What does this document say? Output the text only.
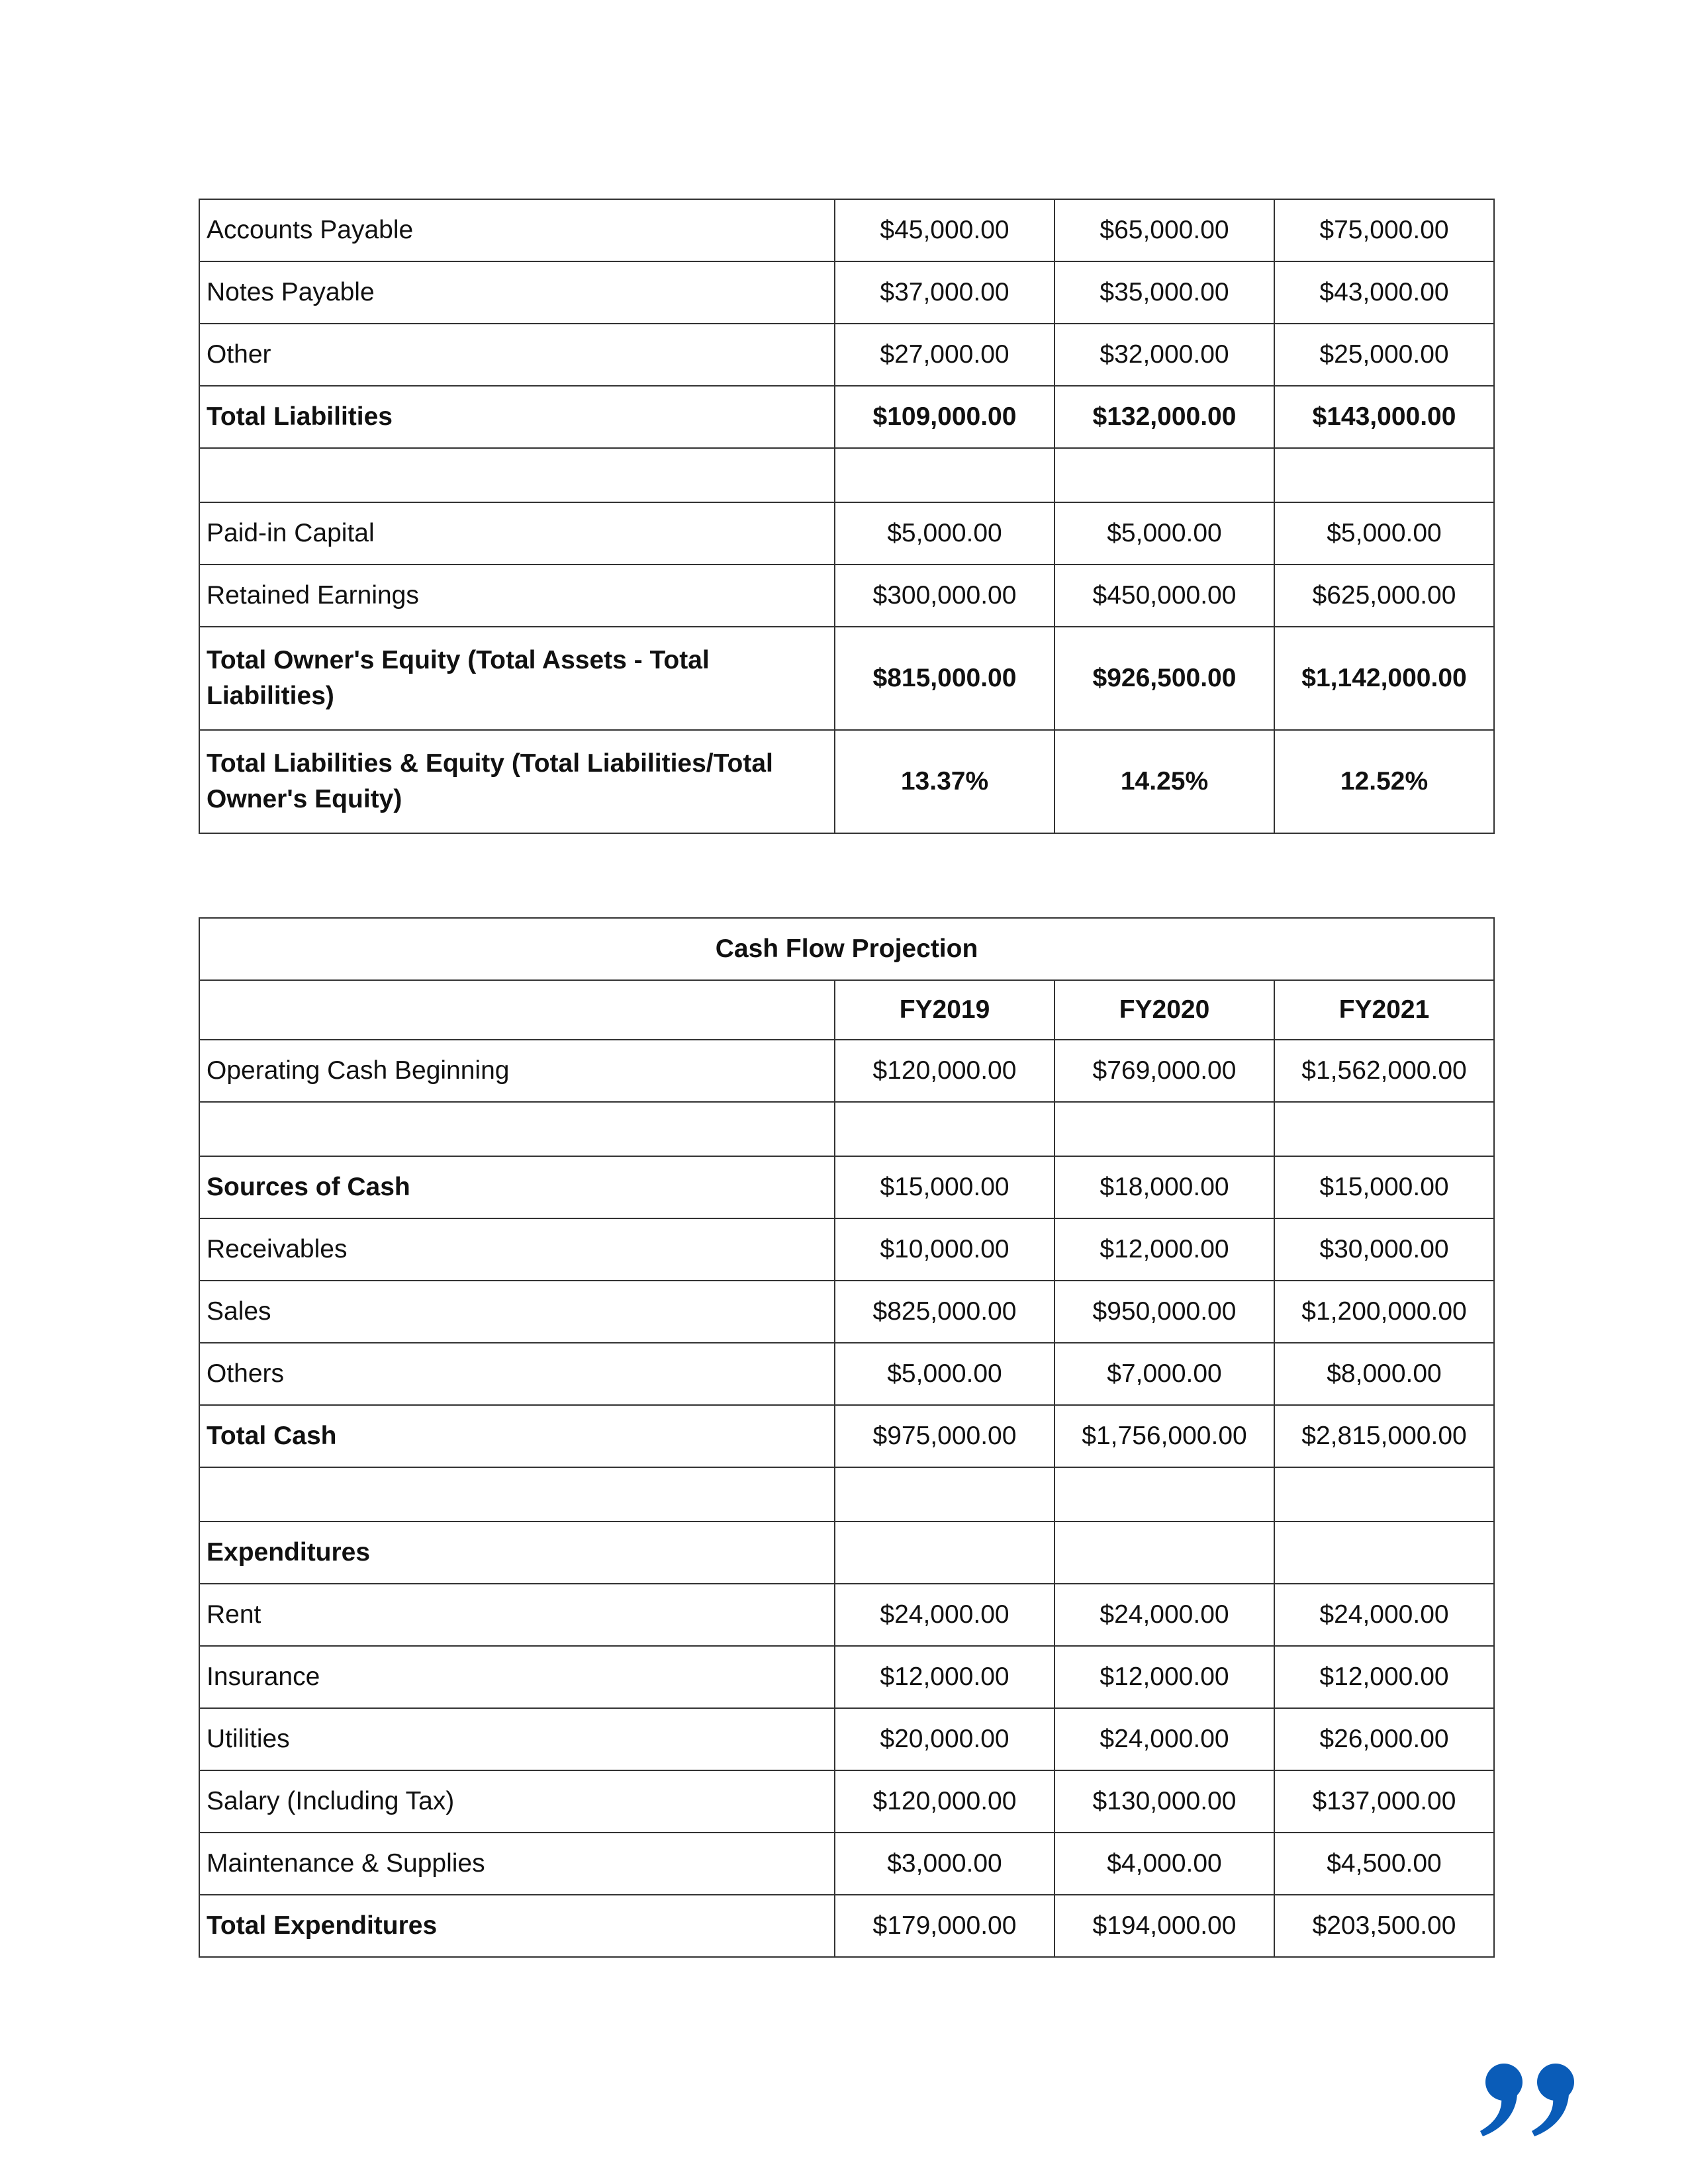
Accounts Payable	$45,000.00	$65,000.00	$75,000.00
Notes Payable	$37,000.00	$35,000.00	$43,000.00
Other	$27,000.00	$32,000.00	$25,000.00
Total Liabilities	$109,000.00	$132,000.00	$143,000.00

Paid-in Capital	$5,000.00	$5,000.00	$5,000.00
Retained Earnings	$300,000.00	$450,000.00	$625,000.00
Total Owner's Equity (Total Assets - Total Liabilities)	$815,000.00	$926,500.00	$1,142,000.00
Total Liabilities & Equity (Total Liabilities/Total Owner's Equity)	13.37%	14.25%	12.52%
Cash Flow Projection			
	FY2019	FY2020	FY2021
Operating Cash Beginning	$120,000.00	$769,000.00	$1,562,000.00

Sources of Cash	$15,000.00	$18,000.00	$15,000.00
Receivables	$10,000.00	$12,000.00	$30,000.00
Sales	$825,000.00	$950,000.00	$1,200,000.00
Others	$5,000.00	$7,000.00	$8,000.00
Total Cash	$975,000.00	$1,756,000.00	$2,815,000.00

Expenditures			
Rent	$24,000.00	$24,000.00	$24,000.00
Insurance	$12,000.00	$12,000.00	$12,000.00
Utilities	$20,000.00	$24,000.00	$26,000.00
Salary (Including Tax)	$120,000.00	$130,000.00	$137,000.00
Maintenance & Supplies	$3,000.00	$4,000.00	$4,500.00
Total Expenditures	$179,000.00	$194,000.00	$203,500.00
